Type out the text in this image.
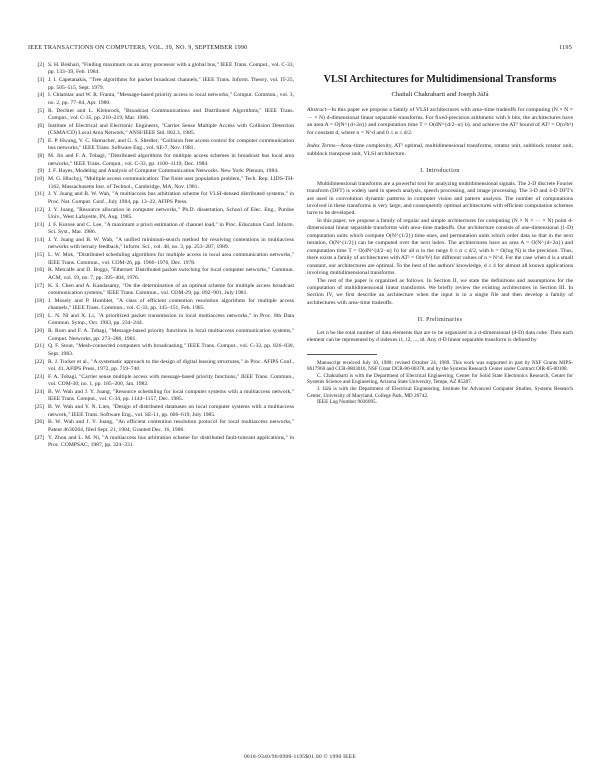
IEEE TRANSACTIONS ON COMPUTERS, VOL. 39, NO. 9, SEPTEMBER 1990	1195
[2] S. H. Bokhari, "Finding maximum on an array processor with a global bus," IEEE Trans. Comput., vol. C-33, pp. 133–39, Feb. 1984.
[3] J. I. Capetanakis, "Tree algorithms for packet broadcast channels," IEEE Trans. Inform. Theory, vol. IT-25, pp. 505–515, Sept. 1979.
[4] I. Chlamtac and W. R. Franta, "Message-based priority access to local networks," Comput. Commun., vol. 3, no. 2, pp. 77–84, Apr. 1980.
[5] R. Dechter and L. Kleinrock, "Broadcast Communications and Distributed Algorithms," IEEE Trans. Comput., vol. C-35, pp. 210–219, Mar. 1986.
[6] Institute of Electrical and Electronic Engineers, "Carrier Sense Multiple Access with Collision Detection (CSMA/CD) Local Area Network," ANSI/IEEE Std. 802.3, 1985.
[7] E. P. Hwang, V. C. Hamacher, and G. S. Shedler, "Collision free access control for computer communication bus networks," IEEE Trans. Software Eng., vol. SE-7, Nov. 1981.
[8] M. Jin and F. A. Tobagi, "Distributed algorithms for multiple access schemes in broadcast bus local area networks," IEEE Trans. Comput., vol. C-33, pp. 1100–1119, Dec. 1984.
[9] J. F. Hayes, Modeling and Analysis of Computer Communication Networks. New York: Plenum, 1984.
[10] M. G. Hluchyj, "Multiple access communication: The finite user population problem," Tech. Rep. LIDS-TH-1162, Massachusetts Inst. of Technol., Cambridge, MA, Nov. 1981.
[11] J. Y. Juang and B. W. Wah, "A multiaccess bus arbitration scheme for VLSI-densed distributed systems," in Proc. Nat. Comput. Conf., July 1984, pp. 13–22, AFIPS Press.
[12] J. Y. Juang, "Resource allocation in computer networks," Ph.D. dissertation, School of Elec. Eng., Purdue Univ., West Lafayette, IN, Aug. 1985.
[13] J. F. Kurose and C. Lee, "A maximum a priori estimation of channel load," in Proc. Education Conf. Inform. Sci. Syst., Mar. 1986.
[14] J. Y. Juang and B. W. Wah, "A unified minimum-search method for resolving contentions in multiaccess networks with ternary feedback," Inform. Sci., vol. 48, no. 3, pp. 253–287, 1989.
[15] L. W. Mok, "Distributed scheduling algorithms for multiple access in local area communication networks," IEEE Trans. Commun., vol. COM-26, pp. 1966–1976, Dec. 1978.
[16] R. Metcalfe and D. Boggs, "Ethernet: Distributed packet switching for local computer networks," Commun. ACM, vol. 19, no. 7, pp. 395–404, 1976.
[17] K. S. Chen and A. Kandasamy, "On the determination of an optimal scheme for multiple access broadcast communication systems," IEEE Trans. Commun., vol. COM-29, pp. 892–901, July 1981.
[18] J. Mosely and P. Humblet, "A class of efficient contention resolution algorithms for multiple access channels," IEEE Trans. Commun., vol. C-33, pp. 145–151, Feb. 1985.
[19] L. N. Ni and X. Li, "A prioritized packet transmission in local multiaccess networks," in Proc. 8th Data Commun. Symp., Oct. 1983, pp. 234–244.
[20] R. Rom and F. A. Tobagi, "Message-based priority functions in local multiaccess communication systems," Comput. Networks, pp. 273–286, 1981.
[21] Q. F. Stout, "Mesh-connected computers with broadcasting," IEEE Trans. Comput., vol. C-32, pp. 826–830, Sept. 1983.
[22] R. J. Tucker et al., "A systematic approach to the design of digital bussing structures," in Proc. AFIPS Conf., vol. 41, AFIPS Press, 1972, pp. 719–740.
[23] F. A. Tobagi, "Carrier sense multiple access with message-based priority functions," IEEE Trans. Commun., vol. COM-30, no. 1, pp. 185–200, Jan. 1982.
[24] B. W. Wah and J. Y. Juang, "Resource scheduling for local computer systems with a multiaccess network," IEEE Trans. Comput., vol. C-34, pp. 1144–1157, Dec. 1985.
[25] B. W. Wah and Y. N. Lien, "Design of distributed databases on local computer systems with a multiaccess network," IEEE Trans. Software Eng., vol. SE-11, pp. 606–619, July 1985.
[26] B. W. Wah and J. Y. Juang, "An efficient contention resolution protocol for local multiaccess networks," Patent 4630264, filed Sept. 21, 1984, Granted Dec. 16, 1986.
[27] Y. Zhou and L. M. Ni, "A multiaccess bus arbitration scheme for distributed fault-tolerant applications," in Proc. COMPSAC, 1987, pp. 324–331.
VLSI Architectures for Multidimensional Transforms
Chaitali Chakrabarti and Joseph JáJá
Abstract—In this paper we propose a family of VLSI architectures with area–time tradeoffs for computing (N × N × ··· × N) d-dimensional linear separable transforms. For fixed-precision arithmetic with b bits, the architectures have an area A = O(N^{d+2α}) and computation time T = O(dN^{d/2−α} b), and achieve the AT² bound of AT² = O(n²b²) for constant d, where n = N^d and 0 ≤ α ≤ d/2.
Index Terms—Area–time complexity, AT² optimal, multidimensional transforms, rotator unit, subblock rotator unit, subblock transpose unit, VLSI architecture.
I. Introduction
Multidimensional transforms are a powerful tool for analyzing multidimensional signals. The 2-D discrete Fourier transform (DFT) is widely used in speech analysis, speech processing, and image processing. The 3-D and 4-D DFT's are used in convolution dynamic patterns in computer vision and pattern analysis. The number of computations involved in these transforms is very large, and consequently optimal architectures with efficient computation schemes have to be developed.
In this paper, we propose a family of regular and simple architectures for computing (N × N × ··· × N) point d-dimensional linear separable transforms with area–time tradeoffs. Our architecture consists of one-dimensional (1-D) computation units which compute O(N^{1/2}) time ones, and permutation units which order data so that in the next iteration, O(N^{1/2}) can be computed over the next index. The architectures have an area A = O(N^{d+2α}) and computation time T = O(dN^{d/2−α} b) for all α in the range 0 ≤ α ≤ d/2, with b = O(log N) is the precision. Thus, there exists a family of architectures with AT² = O(n²b²) for different values of n = N^d. For the case when d is a small constant, our architectures are optimal. To the best of the authors' knowledge, d ≤ 4 for almost all known applications involving multidimensional transforms.
The rest of the paper is organized as follows. In Section II, we state the definitions and assumptions for the computation of multidimensional linear transforms. We briefly review the existing architectures in Section III. In Section IV, we first describe an architecture when the input is in a single file and then develop a family of architectures with area–time tradeoffs.
II. Preliminaries
Let n be the total number of data elements that are to be organized in a d-dimensional (d-D) data cube. Then each element can be represented by d indexes i1, i2, ..., id. Any d-D linear separable transform is defined by
Manuscript received July 10, 1988; revised October 24, 1989. This work was supported in part by NSF Grants MIPS-8617960 and CCR-8803016, NSF Grant DCR-86-00378, and by the Systems Research Center under Contract OIR-85-00108.
C. Chakrabarti is with the Department of Electrical Engineering, Center for Solid State Electronics Research, Center for Systems Science and Engineering, Arizona State University, Tempe, AZ 85287.
J. JáJá is with the Department of Electrical Engineering, Institute for Advanced Computer Studies, Systems Research Center, University of Maryland, College Park, MD 20742.
IEEE Log Number 9036095.
0018-9340/90/0900-1195$01.00 © 1990 IEEE
